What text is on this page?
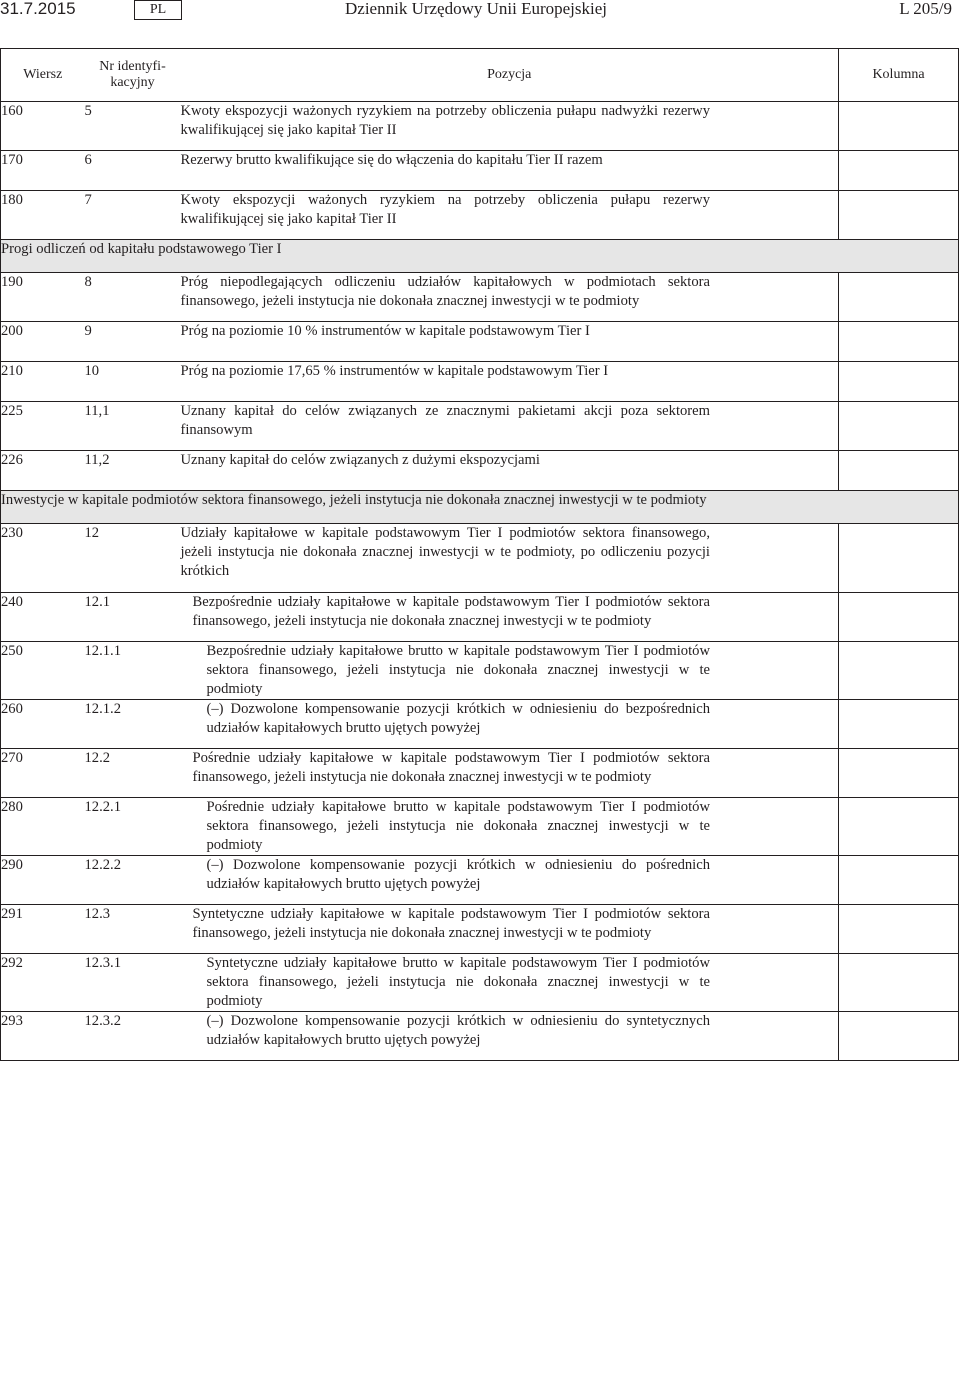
31.7.2015	PL	Dziennik Urzędowy Unii Europejskiej	L 205/9
Wiersz	Nr identyfi-
kacyjny	Pozycja	Kolumna
160	5	Kwoty ekspozycji ważonych ryzykiem na potrzeby obliczenia pułapu nadwyżki rezerwy kwalifikującej się jako kapitał Tier II	

170	6	Rezerwy brutto kwalifikujące się do włączenia do kapitału Tier II razem	

180	7	Kwoty ekspozycji ważonych ryzykiem na potrzeby obliczenia pułapu rezerwy kwalifikującej się jako kapitał Tier II	

Progi odliczeń od kapitału podstawowego Tier I			
190	8	Próg niepodlegających odliczeniu udziałów kapitałowych w podmiotach sektora finansowego, jeżeli instytucja nie dokonała znacznej inwestycji w te podmioty	

200	9	Próg na poziomie 10 % instrumentów w kapitale podstawowym Tier I	

210	10	Próg na poziomie 17,65 % instrumentów w kapitale podstawowym Tier I	

225	11,1	Uznany kapitał do celów związanych ze znacznymi pakietami akcji poza sektorem finansowym	

226	11,2	Uznany kapitał do celów związanych z dużymi ekspozycjami	

Inwestycje w kapitale podmiotów sektora finansowego, jeżeli instytucja nie dokonała znacznej inwestycji w te podmioty			
230	12	Udziały kapitałowe w kapitale podstawowym Tier I podmiotów sektora finansowego, jeżeli instytucja nie dokonała znacznej inwestycji w te podmioty, po odliczeniu pozycji krótkich	

240	12.1	Bezpośrednie udziały kapitałowe w kapitale podstawowym Tier I podmiotów sektora finansowego, jeżeli instytucja nie dokonała znacznej inwestycji w te podmioty	

250	12.1.1	Bezpośrednie udziały kapitałowe brutto w kapitale podstawowym Tier I podmiotów sektora finansowego, jeżeli instytucja nie dokonała znacznej inwestycji w te podmioty	

260	12.1.2	(–) Dozwolone kompensowanie pozycji krótkich w odniesieniu do bezpośrednich udziałów kapitałowych brutto ujętych powyżej	

270	12.2	Pośrednie udziały kapitałowe w kapitale podstawowym Tier I podmiotów sektora finansowego, jeżeli instytucja nie dokonała znacznej inwestycji w te podmioty	

280	12.2.1	Pośrednie udziały kapitałowe brutto w kapitale podstawowym Tier I podmiotów sektora finansowego, jeżeli instytucja nie dokonała znacznej inwestycji w te podmioty	

290	12.2.2	(–) Dozwolone kompensowanie pozycji krótkich w odniesieniu do pośrednich udziałów kapitałowych brutto ujętych powyżej	

291	12.3	Syntetyczne udziały kapitałowe w kapitale podstawowym Tier I podmiotów sektora finansowego, jeżeli instytucja nie dokonała znacznej inwestycji w te podmioty	

292	12.3.1	Syntetyczne udziały kapitałowe brutto w kapitale podstawowym Tier I podmiotów sektora finansowego, jeżeli instytucja nie dokonała znacznej inwestycji w te podmioty	

293	12.3.2	(–) Dozwolone kompensowanie pozycji krótkich w odniesieniu do syntetycznych udziałów kapitałowych brutto ujętych powyżej	
